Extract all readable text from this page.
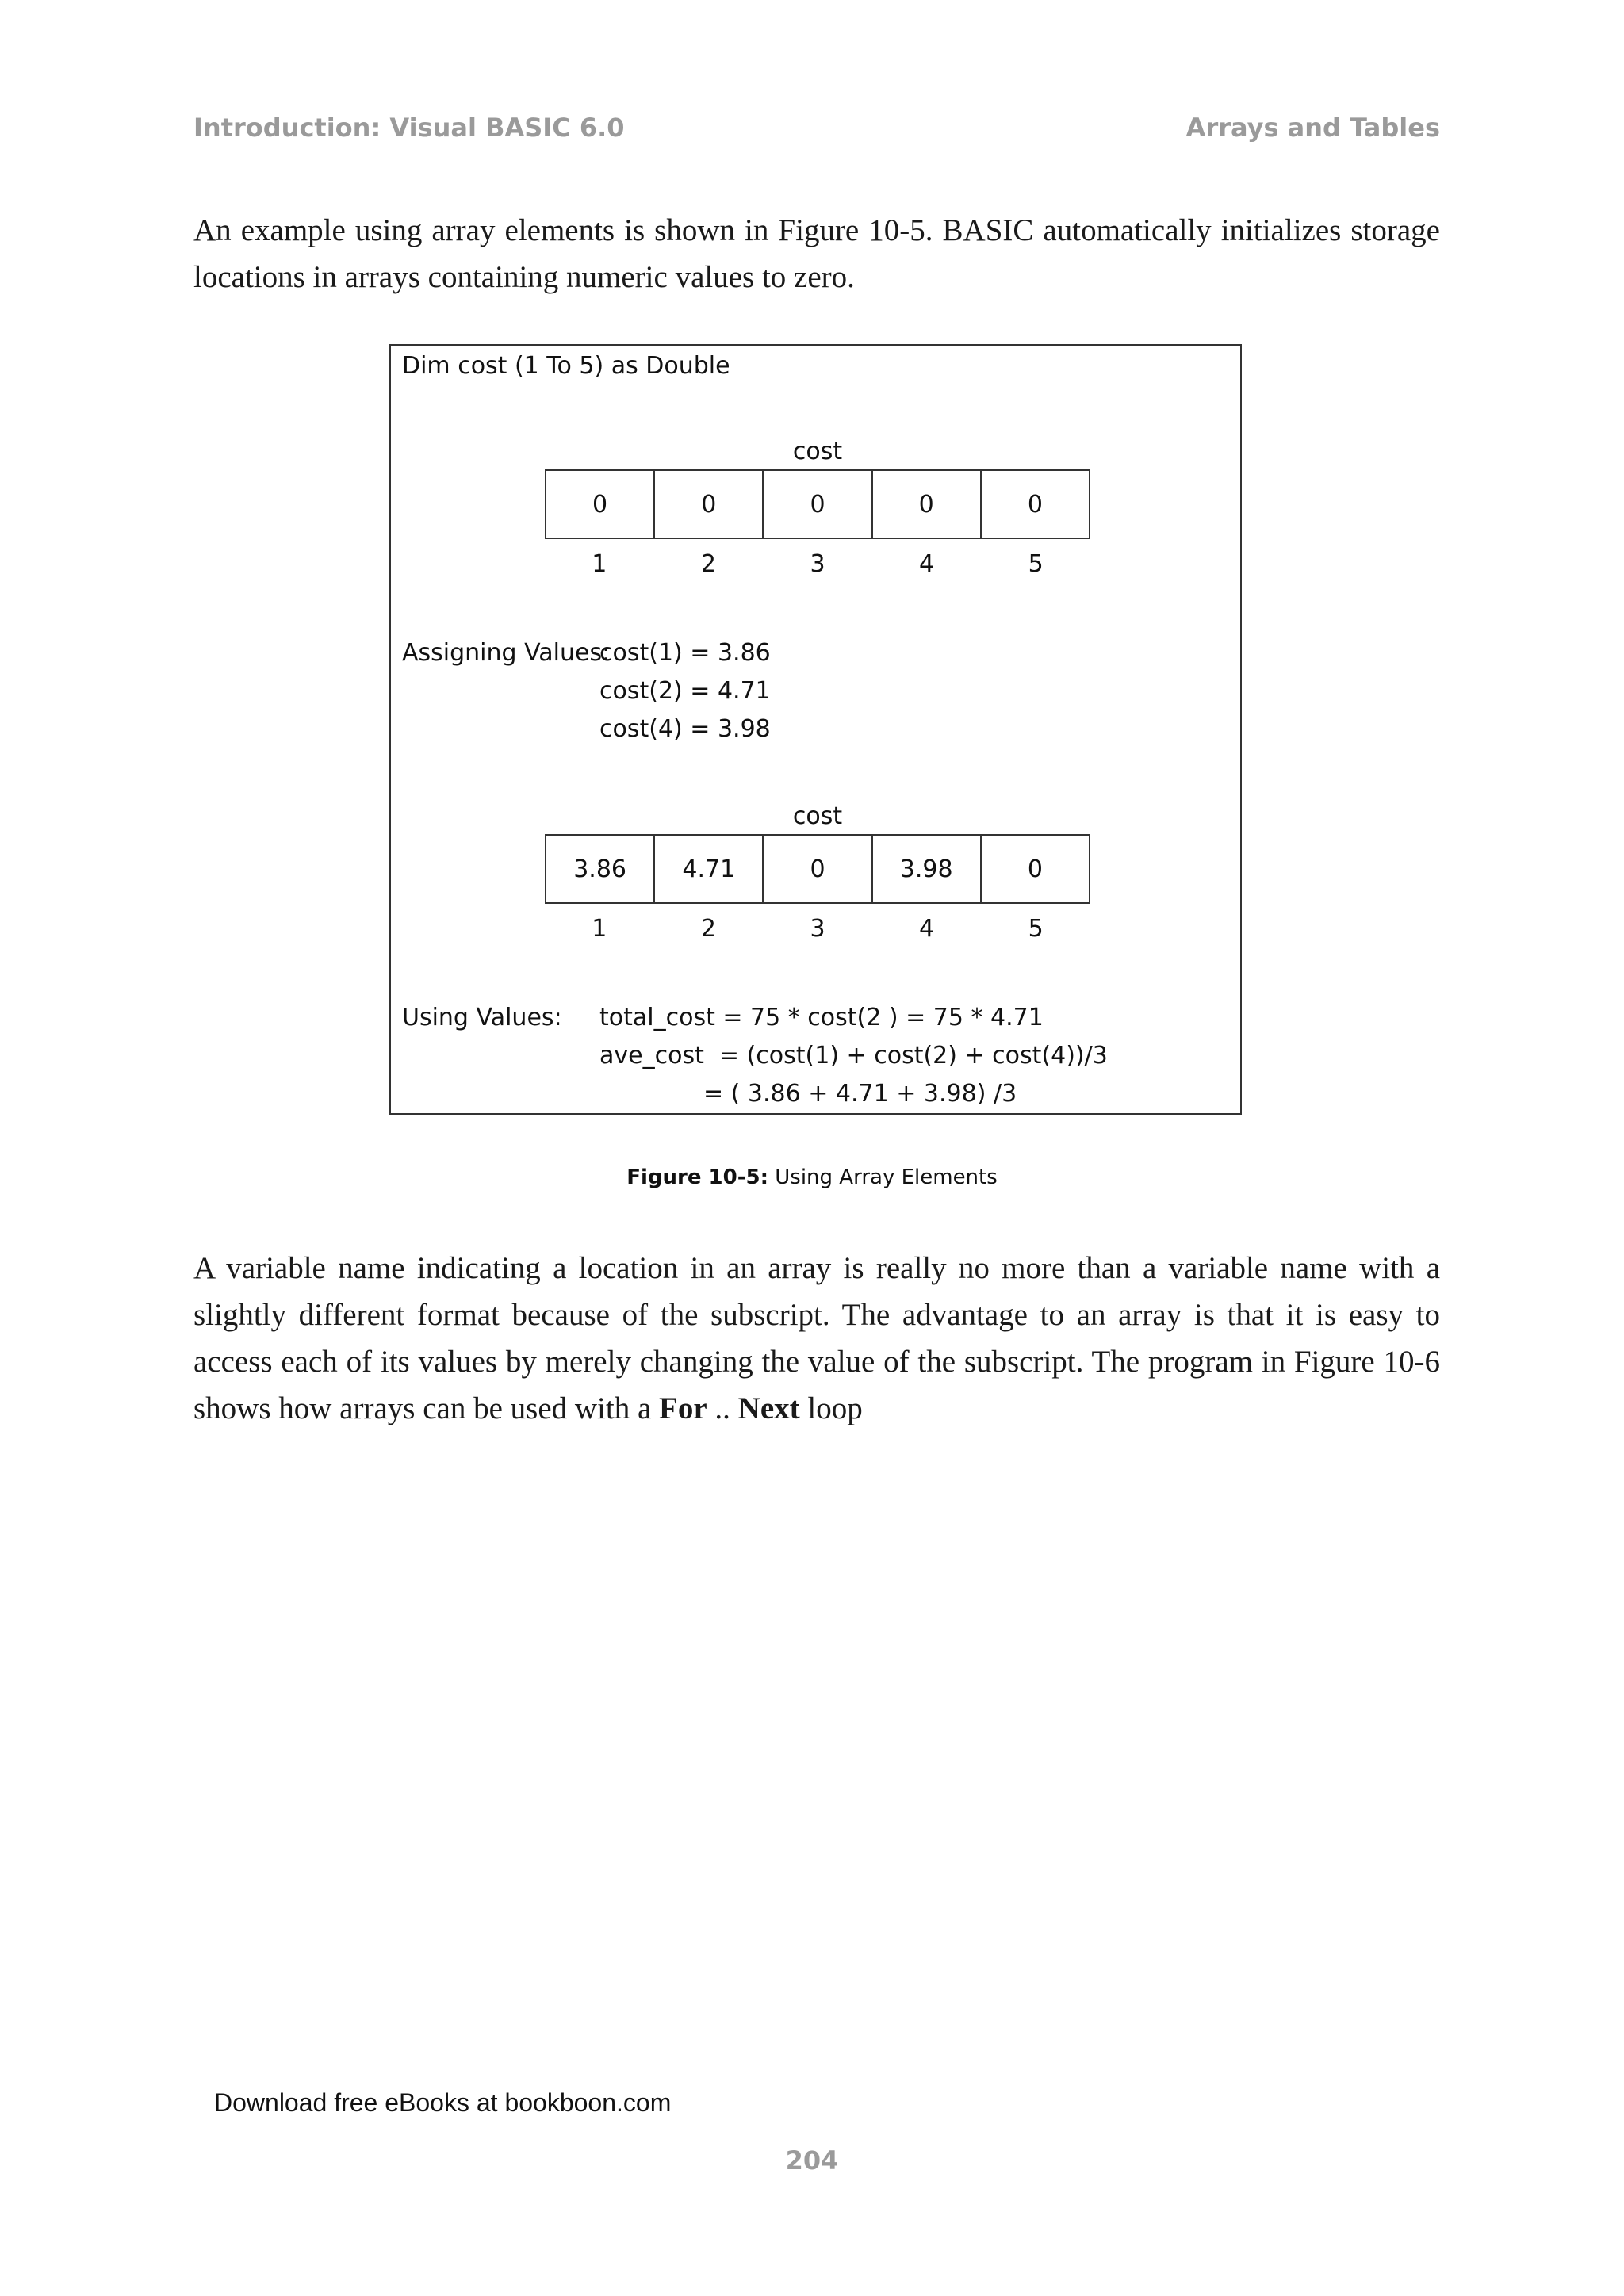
Introduction: Visual BASIC 6.0	Arrays and Tables
An example using array elements is shown in Figure 10-5. BASIC automatically initializes storage locations in arrays containing numeric values to zero.
Dim cost (1 To 5) as Double
cost
0	0	0	0	0
1	2	3	4	5
Assigning Values:
cost(1) = 3.86
cost(2) = 4.71
cost(4) = 3.98
cost
3.86	4.71	0	3.98	0
1	2	3	4	5
Using Values: total_cost = 75 * cost(2 ) = 75 * 4.71
ave_cost  = (cost(1) + cost(2) + cost(4))/3
= ( 3.86 + 4.71 + 3.98) /3
Figure 10-5: Using Array Elements
A variable name indicating a location in an array is really no more than a variable name with a slightly different format because of the subscript. The advantage to an array is that it is easy to access each of its values by merely changing the value of the subscript. The program in Figure 10-6 shows how arrays can be used with a For .. Next loop
Download free eBooks at bookboon.com
204
